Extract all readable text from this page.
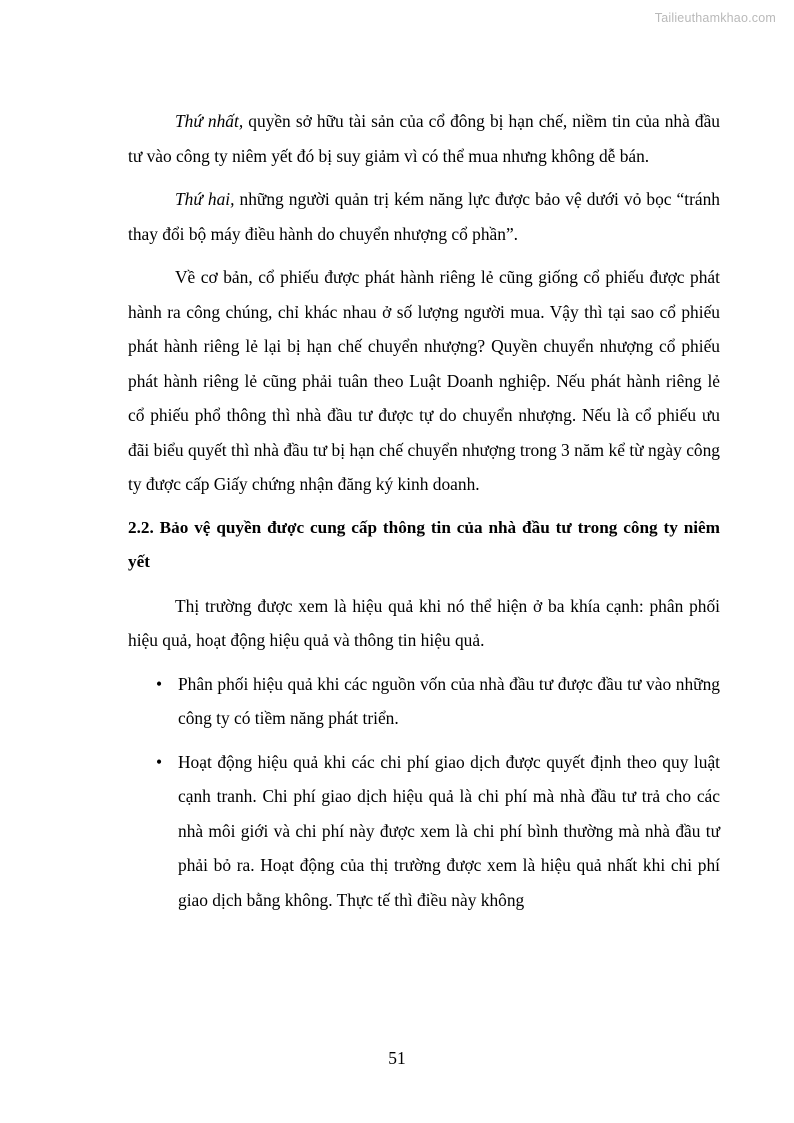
Tailieuthamkhao.com

Thứ nhất, quyền sở hữu tài sản của cổ đông bị hạn chế, niềm tin của nhà đầu tư vào công ty niêm yết đó bị suy giảm vì có thể mua nhưng không dễ bán.

Thứ hai, những người quản trị kém năng lực được bảo vệ dưới vỏ bọc “tránh thay đổi bộ máy điều hành do chuyển nhượng cổ phần”.

Về cơ bản, cổ phiếu được phát hành riêng lẻ cũng giống cổ phiếu được phát hành ra công chúng, chỉ khác nhau ở số lượng người mua. Vậy thì tại sao cổ phiếu phát hành riêng lẻ lại bị hạn chế chuyển nhượng? Quyền chuyển nhượng cổ phiếu phát hành riêng lẻ cũng phải tuân theo Luật Doanh nghiệp. Nếu phát hành riêng lẻ cổ phiếu phổ thông thì nhà đầu tư được tự do chuyển nhượng. Nếu là cổ phiếu ưu đãi biểu quyết thì nhà đầu tư bị hạn chế chuyển nhượng trong 3 năm kể từ ngày công ty được cấp Giấy chứng nhận đăng ký kinh doanh.

2.2. Bảo vệ quyền được cung cấp thông tin của nhà đầu tư trong công ty niêm yết

Thị trường được xem là hiệu quả khi nó thể hiện ở ba khía cạnh: phân phối hiệu quả, hoạt động hiệu quả và thông tin hiệu quả.

• Phân phối hiệu quả khi các nguồn vốn của nhà đầu tư được đầu tư vào những công ty có tiềm năng phát triển.
• Hoạt động hiệu quả khi các chi phí giao dịch được quyết định theo quy luật cạnh tranh. Chi phí giao dịch hiệu quả là chi phí mà nhà đầu tư trả cho các nhà môi giới và chi phí này được xem là chi phí bình thường mà nhà đầu tư phải bỏ ra. Hoạt động của thị trường được xem là hiệu quả nhất khi chi phí giao dịch bằng không. Thực tế thì điều này không
51
